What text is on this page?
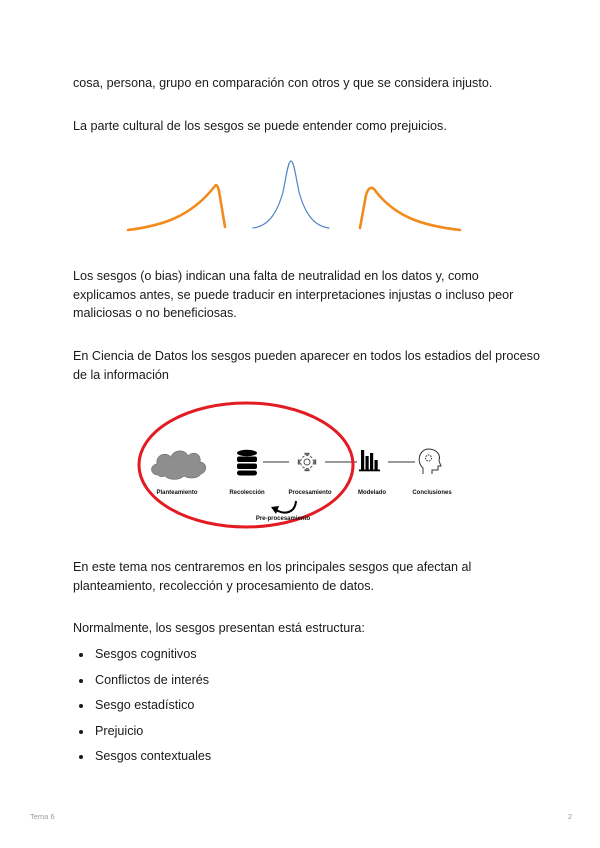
cosa, persona, grupo en comparación con otros y que se considera injusto.

La parte cultural de los sesgos se puede entender como prejuicios.

Los sesgos (o bias) indican una falta de neutralidad en los datos y, como explicamos antes, se puede traducir en interpretaciones injustas o incluso peor maliciosas o no beneficiosas.

En Ciencia de Datos los sesgos pueden aparecer en todos los estadios del proceso de la información

Planteamiento	Recolección	Procesamiento	Modelado	Conclusiones
Pre-procesamiento

En este tema nos centraremos en los principales sesgos que afectan al planteamiento, recolección y procesamiento de datos.

Normalmente, los sesgos presentan está estructura:

Sesgos cognitivos
Conflictos de interés
Sesgo estadístico
Prejuicio
Sesgos contextuales
Tema 6	2
